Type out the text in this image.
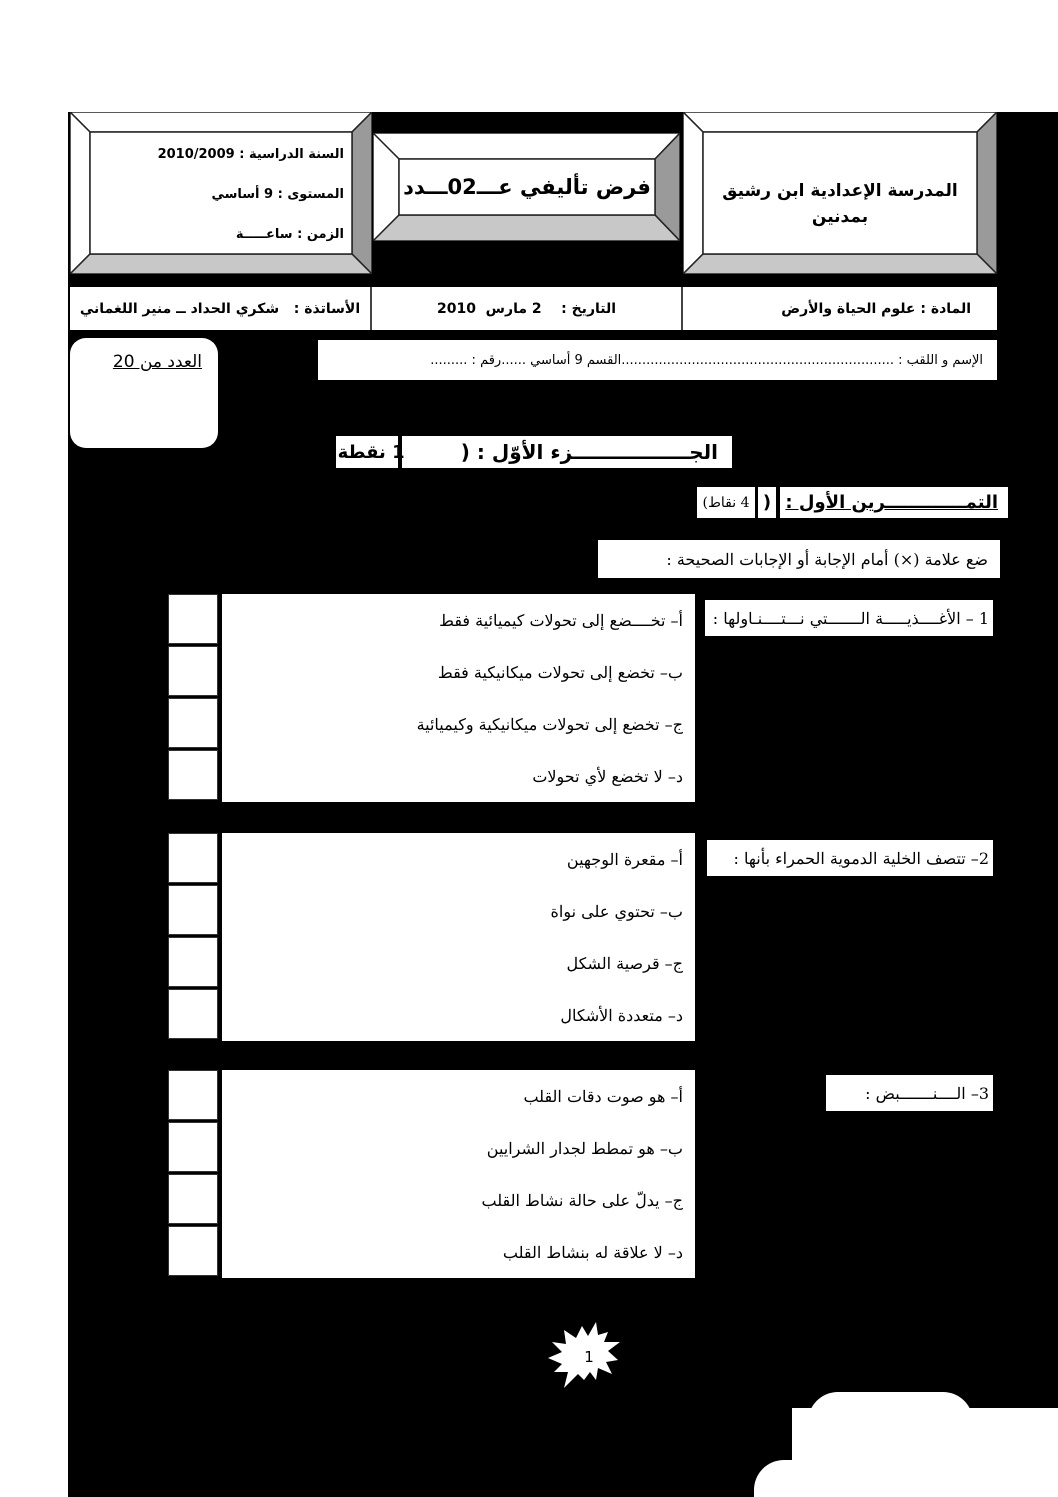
السنة الدراسية : 2010/2009
المستوى : 9 أساسي
الزمن : ساعـــــة
فرض تأليفي عـــ02ـــدد	المدرسة الإعدادية ابن رشيق
بمدنين
الأساتذة :   شكري الحداد ــ منير اللغماني	التاريخ :    2 مارس  2010	المادة : علوم الحياة والأرض
العدد من 20	الإسم و اللقب : ..................................................................القسم 9 أساسي ......رقم : .........
الجـــــــــــــــــزء الأوّل : (
1 نقطة)
التمـــــــــــــرين الأول :
(
4 نقاط)
ضع علامة (×) أمام الإجابة أو الإجابات الصحيحة :
1 – الأغــــذيـــــة الـــــــتي نـــتــــنـاولها :
أ– تخــــضع إلى تحولات كيميائية فقط
ب– تخضع إلى تحولات ميكانيكية فقط
ج– تخضع إلى تحولات ميكانيكية وكيميائية
د– لا تخضع لأي تحولات
2– تتصف الخلية الدموية الحمراء بأنها :
أ– مقعرة الوجهين
ب– تحتوي على نواة
ج– قرصية الشكل
د– متعددة الأشكال
3– الــــنـــــــبض :
أ– هو صوت دقات القلب
ب– هو تمطط لجدار الشرايين
ج– يدلّ على حالة نشاط القلب
د– لا علاقة له بنشاط القلب
1
